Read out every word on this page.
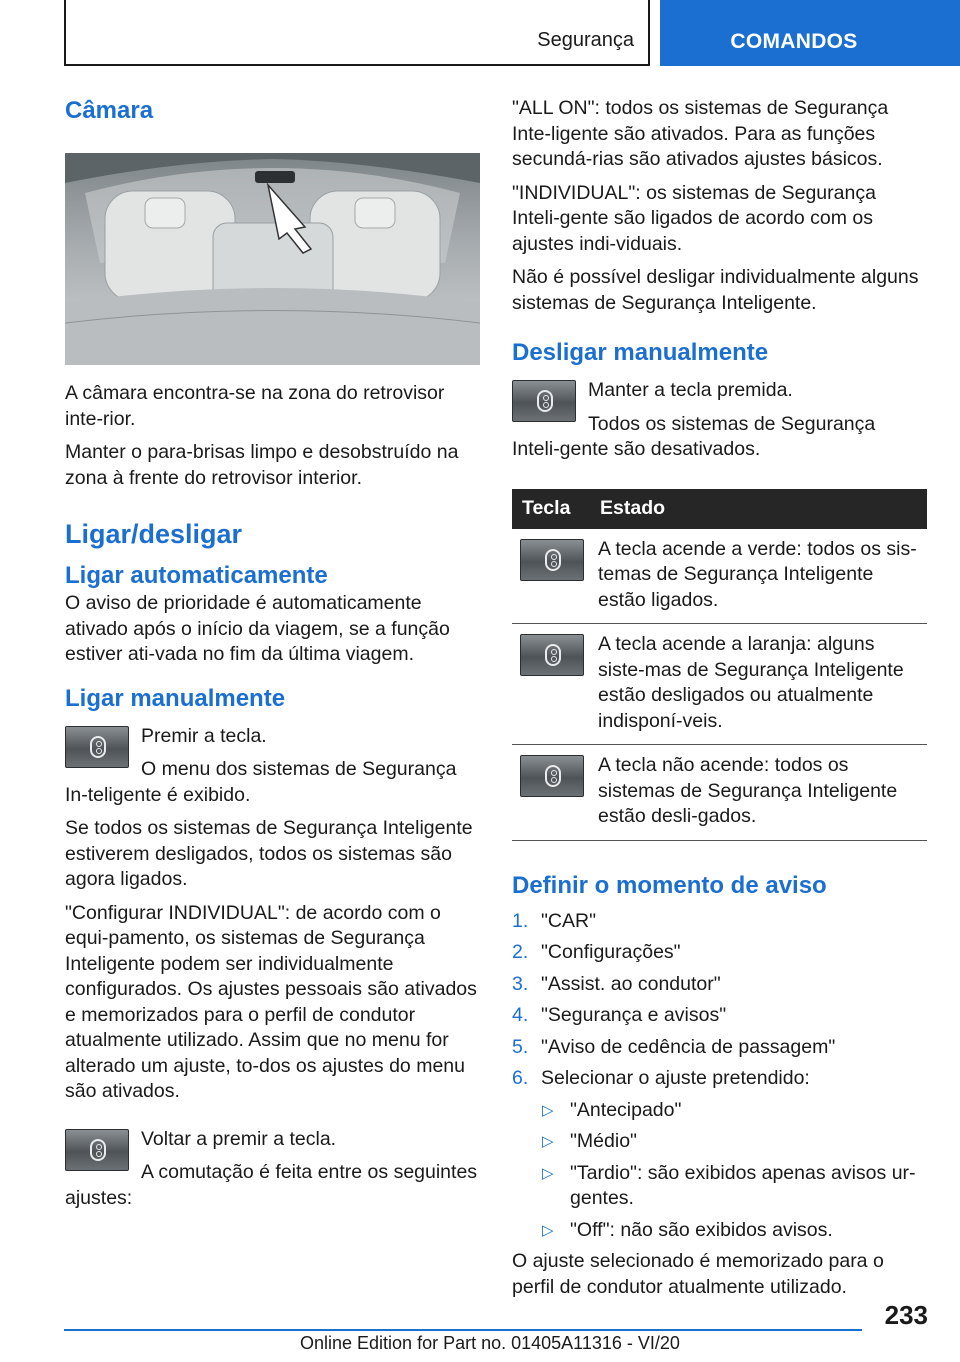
Segurança	COMANDOS
Câmara

A câmara encontra-se na zona do retrovisor inte-rior.

Manter o para-brisas limpo e desobstruído na zona à frente do retrovisor interior.

Ligar/desligar
Ligar automaticamente

O aviso de prioridade é automaticamente ativado após o início da viagem, se a função estiver ati-vada no fim da última viagem.

Ligar manualmente

Premir a tecla.

O menu dos sistemas de Segurança In-teligente é exibido.

Se todos os sistemas de Segurança Inteligente estiverem desligados, todos os sistemas são agora ligados.

"Configurar INDIVIDUAL": de acordo com o equi-pamento, os sistemas de Segurança Inteligente podem ser individualmente configurados. Os ajustes pessoais são ativados e memorizados para o perfil de condutor atualmente utilizado. Assim que no menu for alterado um ajuste, to-dos os ajustes do menu são ativados.

Voltar a premir a tecla.

A comutação é feita entre os seguintes ajustes:

"ALL ON": todos os sistemas de Segurança Inte-ligente são ativados. Para as funções secundá-rias são ativados ajustes básicos.

"INDIVIDUAL": os sistemas de Segurança Inteli-gente são ligados de acordo com os ajustes indi-viduais.

Não é possível desligar individualmente alguns sistemas de Segurança Inteligente.

Desligar manualmente

Manter a tecla premida.

Todos os sistemas de Segurança Inteli-gente são desativados.

Tecla	Estado

	A tecla acende a verde: todos os sis-temas de Segurança Inteligente estão ligados.

	A tecla acende a laranja: alguns siste-mas de Segurança Inteligente estão desligados ou atualmente indisponí-veis.

	A tecla não acende: todos os sistemas de Segurança Inteligente estão desli-gados.
Definir o momento de aviso
1. "CAR"
2. "Configurações"
3. "Assist. ao condutor"
4. "Segurança e avisos"
5. "Aviso de cedência de passagem"
6. Selecionar o ajuste pretendido:
▷ "Antecipado"
▷ "Médio"
▷ "Tardio": são exibidos apenas avisos ur-gentes.
▷ "Off": não são exibidos avisos.

O ajuste selecionado é memorizado para o perfil de condutor atualmente utilizado.

233
Online Edition for Part no. 01405A11316 - VI/20
